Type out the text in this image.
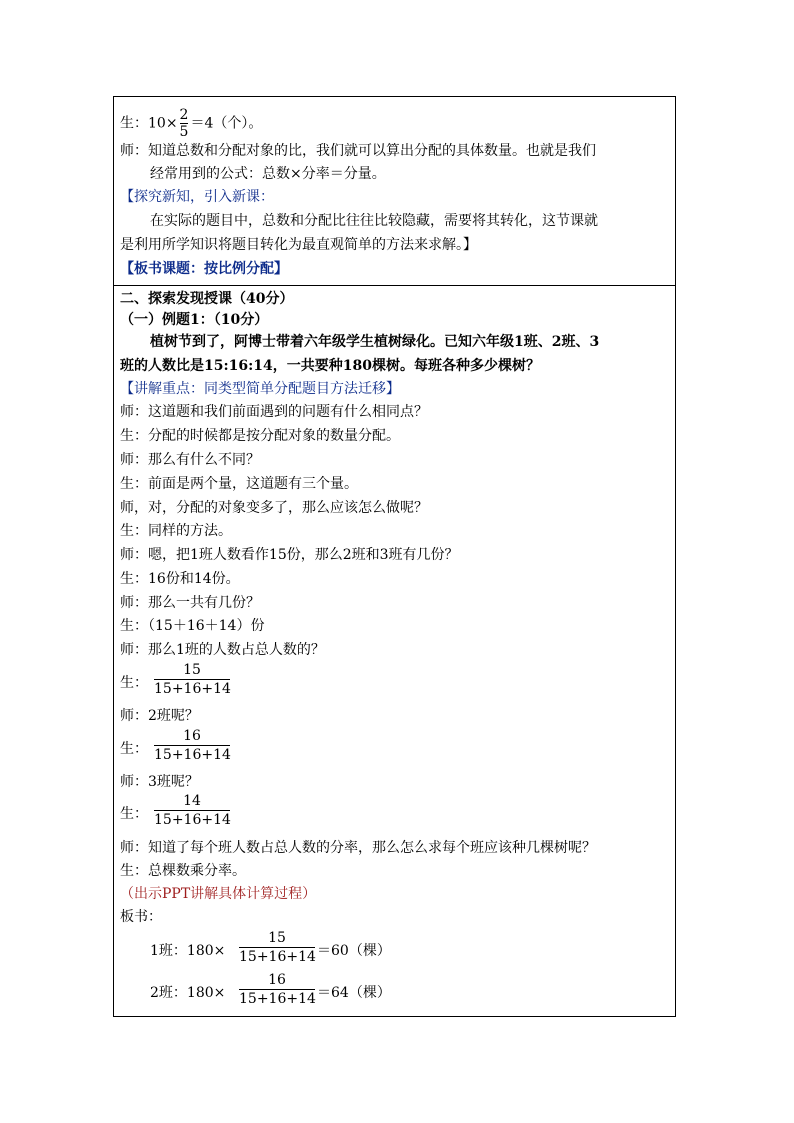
生：$10\times \frac{2}{5} =4$（个）。
师：知道总数和分配对象的比，我们就可以算出分配的具体数量。也就是我们
经常用到的公式：总数×分率＝分量。
【探究新知，引入新课：
在实际的题目中，总数和分配比往往比较隐藏，需要将其转化，这节课就
是利用所学知识将题目转化为最直观简单的方法来求解。】
【板书课题：按比例分配】
二、探索发现授课（40分）
（一）例题1：（10分）
植树节到了，阿博士带着六年级学生植树绿化。已知六年级1班、2班、3
班的人数比是15:16:14，一共要种180棵树。每班各种多少棵树？
【讲解重点：同类型简单分配题目方法迁移】
师：这道题和我们前面遇到的问题有什么相同点？
生：分配的时候都是按分配对象的数量分配。
师：那么有什么不同？
生：前面是两个量，这道题有三个量。
师，对，分配的对象变多了，那么应该怎么做呢？
生：同样的方法。
师：嗯，把1班人数看作15份，那么2班和3班有几份？
生：16份和14份。
师：那么一共有几份？
生：（15＋16＋14）份
师：那么1班的人数占总人数的？
生：
15
15+16+14
师：2班呢？
生：
16
15+16+14
师：3班呢？
生：
14
15+16+14
师：知道了每个班人数占总人数的分率，那么怎么求每个班应该种几棵树呢？
生：总棵数乘分率。
（出示PPT讲解具体计算过程）
板书：
1班：180×
15
15+16+14 ＝60（棵）
2班：180×
16
15+16+14 ＝64（棵）
